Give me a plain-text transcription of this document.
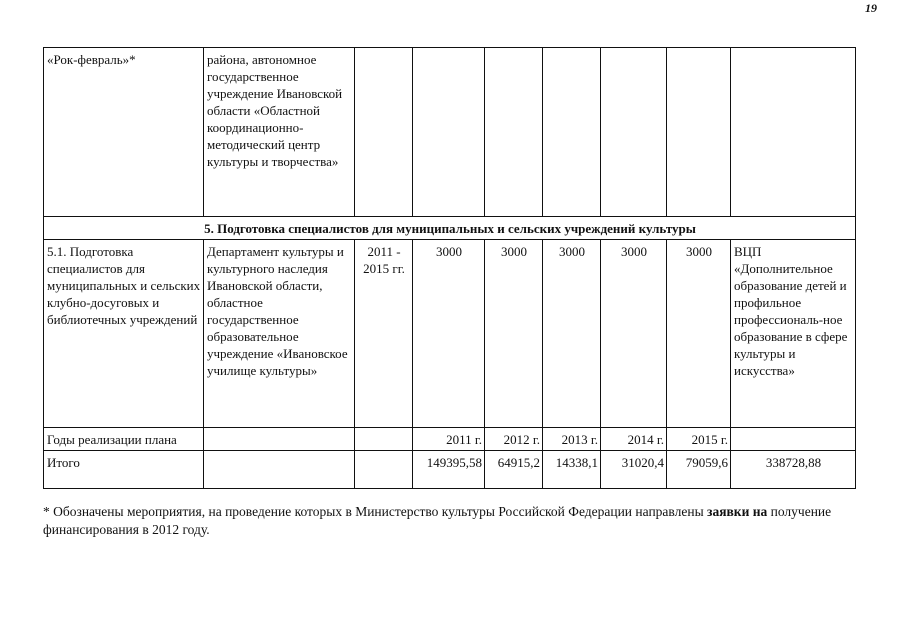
19
«Рок-февраль»*	района, автономное государственное учреждение Ивановской области «Областной координационно-методический центр культуры и творчества»							
5. Подготовка специалистов для муниципальных и сельских учреждений культуры								
5.1. Подготовка специалистов для муниципальных и сельских клубно-досуговых и библиотечных учреждений	Департамент культуры и культурного наследия Ивановской области, областное государственное образовательное учреждение «Ивановское училище культуры»	2011 - 2015 гг.	3000	3000	3000	3000	3000	ВЦП «Дополнительное образование детей и профильное профессиональ-ное образование в сфере культуры и искусства»
Годы реализации плана			2011 г.	2012 г.	2013 г.	2014 г.	2015 г.	
Итого			149395,58	64915,2	14338,1	31020,4	79059,6	338728,88
* Обозначены мероприятия, на проведение которых в Министерство культуры Российской Федерации направлены заявки на получение финансирования в 2012 году.
